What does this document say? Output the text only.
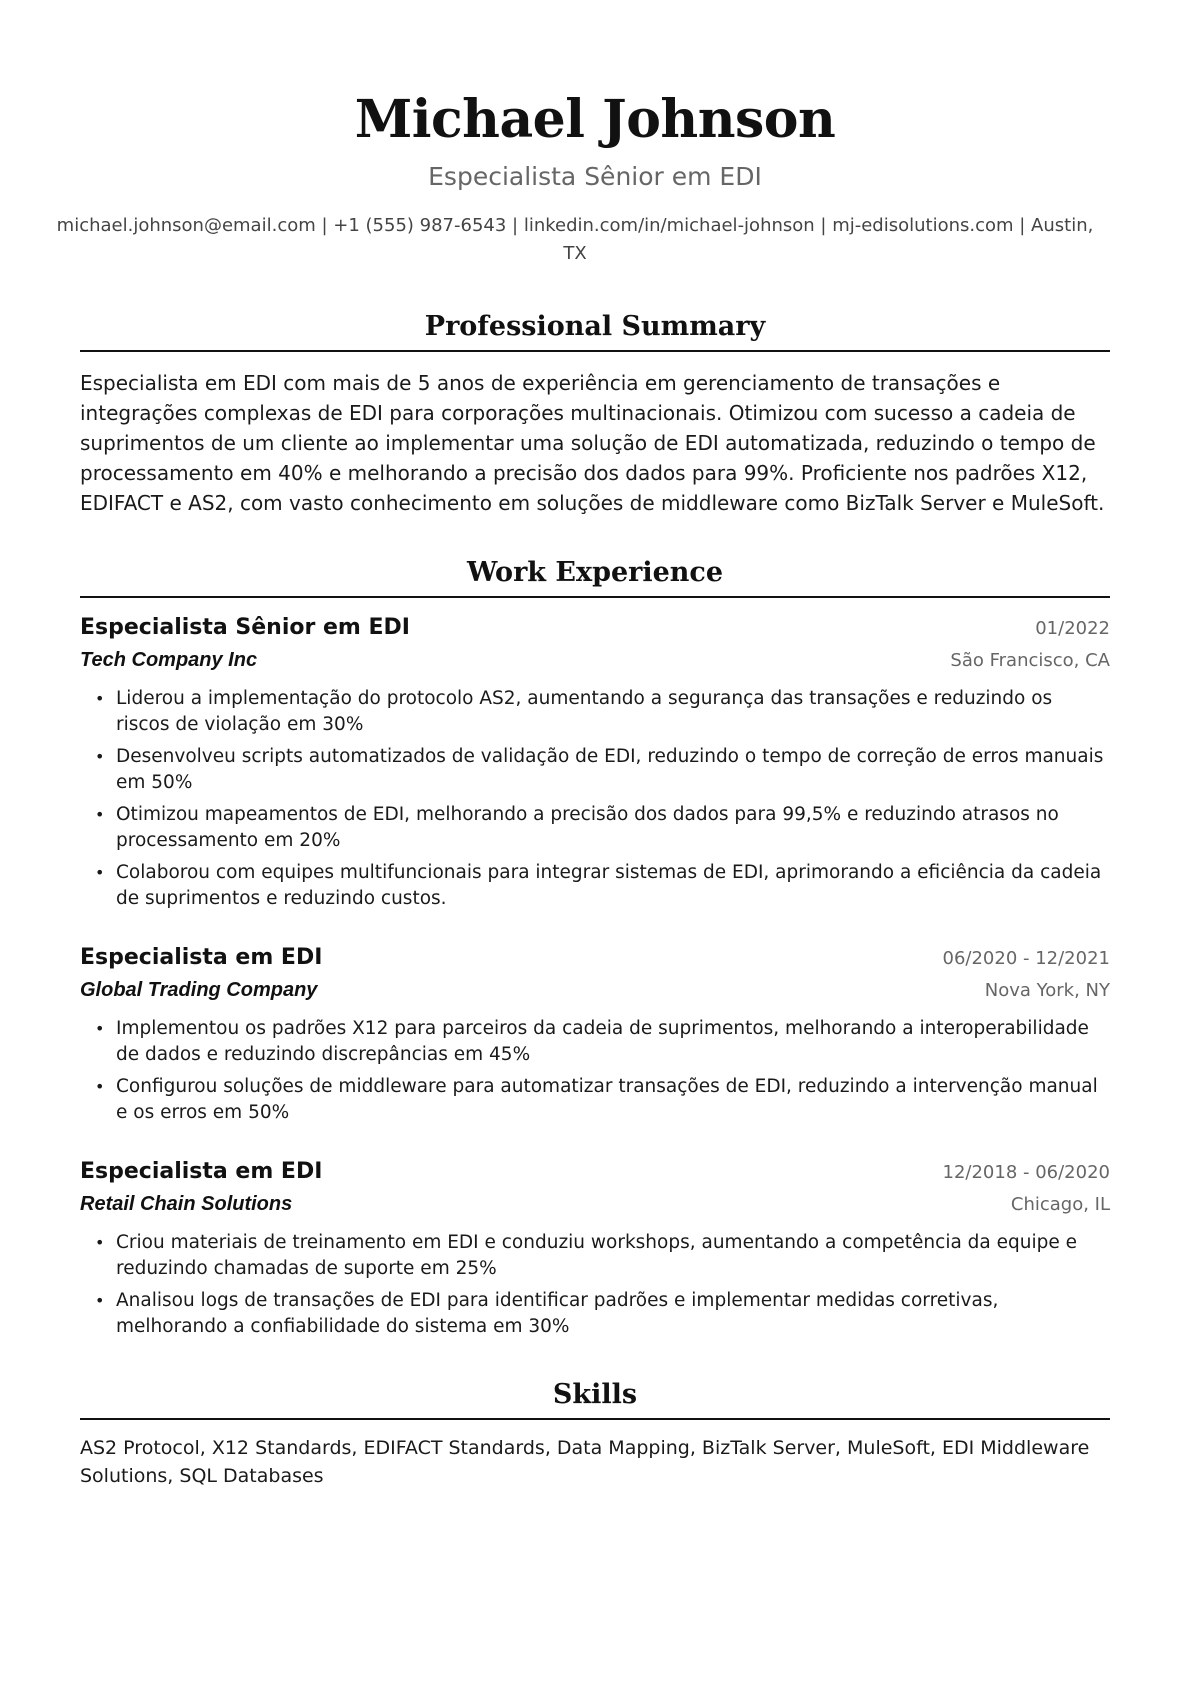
Michael Johnson
Especialista Sênior em EDI
michael.johnson@email.com | +1 (555) 987-6543 | linkedin.com/in/michael-johnson | mj-edisolutions.com | Austin, TX
Professional Summary

Especialista em EDI com mais de 5 anos de experiência em gerenciamento de transações e integrações complexas de EDI para corporações multinacionais. Otimizou com sucesso a cadeia de suprimentos de um cliente ao implementar uma solução de EDI automatizada, reduzindo o tempo de processamento em 40% e melhorando a precisão dos dados para 99%. Proficiente nos padrões X12, EDIFACT e AS2, com vasto conhecimento em soluções de middleware como BizTalk Server e MuleSoft.

Work Experience
Especialista Sênior em EDI	01/2022
Tech Company Inc	São Francisco, CA
• Liderou a implementação do protocolo AS2, aumentando a segurança das transações e reduzindo os riscos de violação em 30%
• Desenvolveu scripts automatizados de validação de EDI, reduzindo o tempo de correção de erros manuais em 50%
• Otimizou mapeamentos de EDI, melhorando a precisão dos dados para 99,5% e reduzindo atrasos no processamento em 20%
• Colaborou com equipes multifuncionais para integrar sistemas de EDI, aprimorando a eficiência da cadeia de suprimentos e reduzindo custos.
Especialista em EDI	06/2020 - 12/2021
Global Trading Company	Nova York, NY
• Implementou os padrões X12 para parceiros da cadeia de suprimentos, melhorando a interoperabilidade de dados e reduzindo discrepâncias em 45%
• Configurou soluções de middleware para automatizar transações de EDI, reduzindo a intervenção manual e os erros em 50%
Especialista em EDI	12/2018 - 06/2020
Retail Chain Solutions	Chicago, IL
• Criou materiais de treinamento em EDI e conduziu workshops, aumentando a competência da equipe e reduzindo chamadas de suporte em 25%
• Analisou logs de transações de EDI para identificar padrões e implementar medidas corretivas, melhorando a confiabilidade do sistema em 30%
Skills
AS2 Protocol, X12 Standards, EDIFACT Standards, Data Mapping, BizTalk Server, MuleSoft, EDI Middleware Solutions, SQL Databases
